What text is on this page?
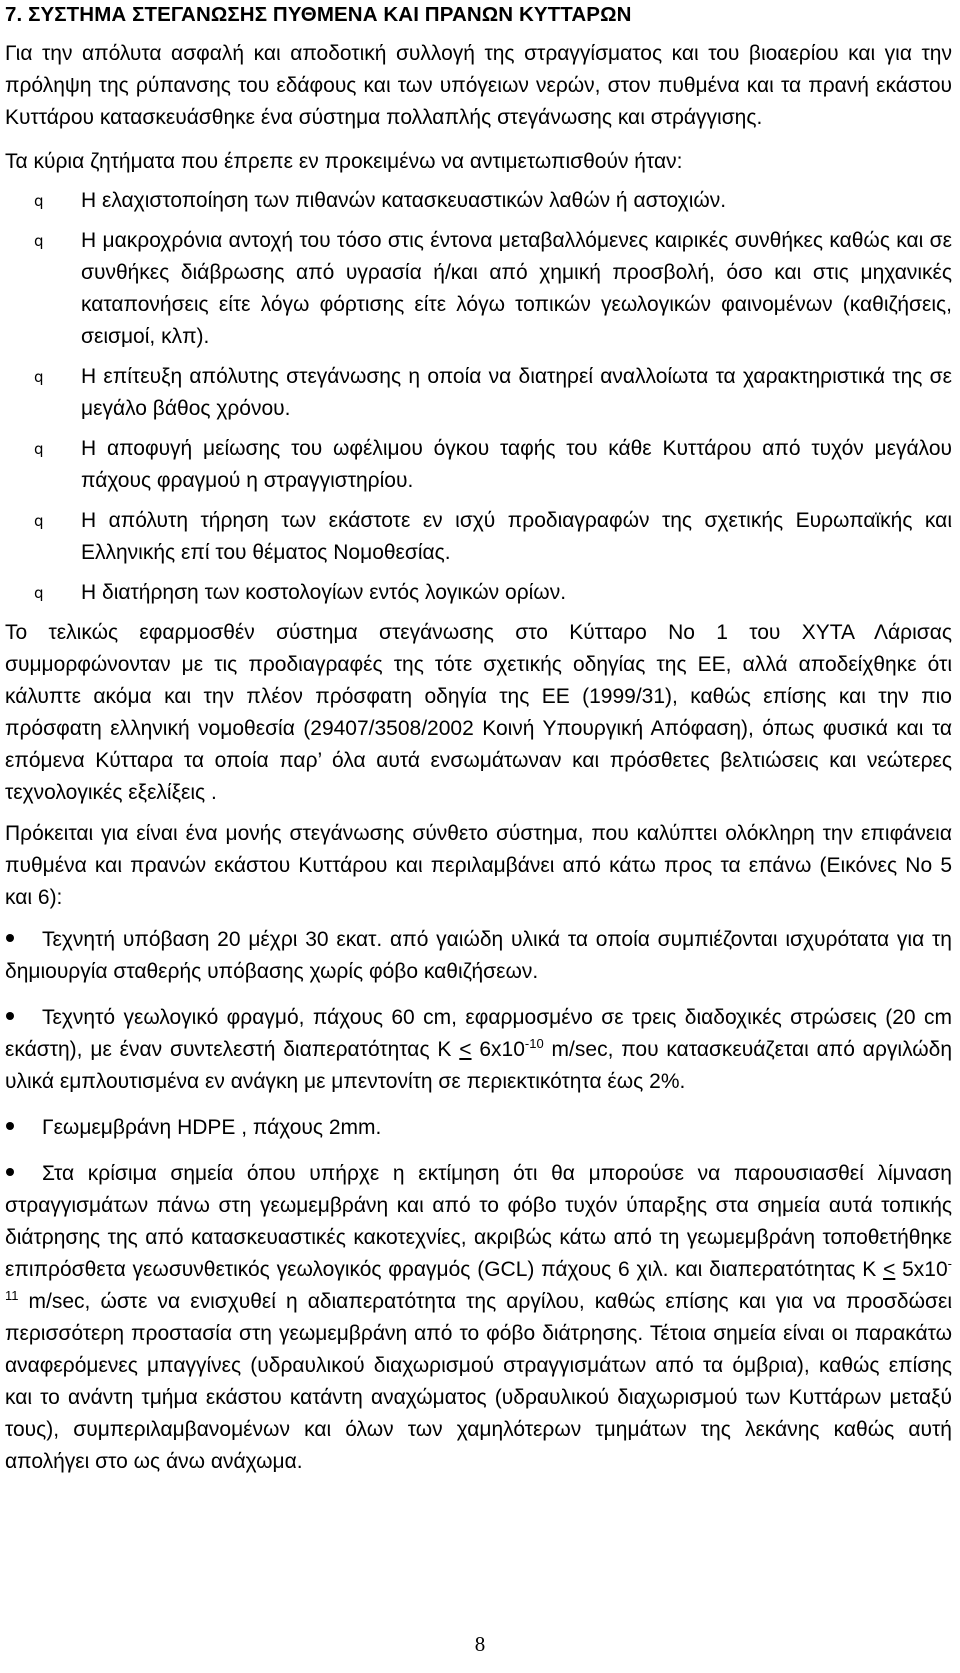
7. ΣΥΣΤΗΜΑ ΣΤΕΓΑΝΩΣΗΣ ΠΥΘΜΕΝΑ ΚΑΙ ΠΡΑΝΩΝ ΚΥΤΤΑΡΩΝ

Για την απόλυτα ασφαλή και αποδοτική συλλογή της στραγγίσματος και του βιοαερίου και για την πρόληψη της ρύπανσης του εδάφους και των υπόγειων νερών, στον πυθμένα και τα πρανή εκάστου Κυττάρου κατασκευάσθηκε ένα σύστημα πολλαπλής στεγάνωσης και στράγγισης.

Τα κύρια ζητήματα που έπρεπε εν προκειμένω να αντιμετωπισθούν ήταν:

q Η ελαχιστοποίηση των πιθανών κατασκευαστικών λαθών ή αστοχιών.
q Η μακροχρόνια αντοχή του τόσο στις έντονα μεταβαλλόμενες καιρικές συνθήκες καθώς και σε συνθήκες διάβρωσης από υγρασία ή/και από χημική προσβολή, όσο και στις μηχανικές καταπονήσεις είτε λόγω φόρτισης είτε λόγω τοπικών γεωλογικών φαινομένων (καθιζήσεις, σεισμοί, κλπ).
q Η επίτευξη απόλυτης στεγάνωσης η οποία να διατηρεί αναλλοίωτα τα χαρακτηριστικά της σε μεγάλο βάθος χρόνου.
q Η αποφυγή μείωσης του ωφέλιμου όγκου ταφής του κάθε Κυττάρου από τυχόν μεγάλου πάχους φραγμού η στραγγιστηρίου.
q Η απόλυτη τήρηση των εκάστοτε εν ισχύ προδιαγραφών της σχετικής Ευρωπαϊκής και Ελληνικής επί του θέματος Νομοθεσίας.
q Η διατήρηση των κοστολογίων εντός λογικών ορίων.

Το τελικώς εφαρμοσθέν σύστημα στεγάνωσης στο Κύτταρο Νο 1 του ΧΥΤΑ Λάρισας συμμορφώνονταν με τις προδιαγραφές της τότε σχετικής οδηγίας της ΕΕ, αλλά αποδείχθηκε ότι κάλυπτε ακόμα και την πλέον πρόσφατη οδηγία της ΕΕ (1999/31), καθώς επίσης και την πιο πρόσφατη ελληνική νομοθεσία (29407/3508/2002 Κοινή Υπουργική Απόφαση), όπως φυσικά και τα επόμενα Κύτταρα τα οποία παρ’ όλα αυτά ενσωμάτωναν και πρόσθετες βελτιώσεις και νεώτερες τεχνολογικές εξελίξεις .

Πρόκειται για είναι ένα μονής στεγάνωσης σύνθετο σύστημα, που καλύπτει ολόκληρη την επιφάνεια πυθμένα και πρανών εκάστου Κυττάρου και περιλαμβάνει από κάτω προς τα επάνω (Εικόνες Νο 5 και 6):

Τεχνητή υπόβαση 20 μέχρι 30 εκατ. από γαιώδη υλικά τα οποία συμπιέζονται ισχυρότατα για τη δημιουργία σταθερής υπόβασης χωρίς φόβο καθιζήσεων.

Τεχνητό γεωλογικό φραγμό, πάχους 60 cm, εφαρμοσμένο σε τρεις διαδοχικές στρώσεις (20 cm εκάστη), με έναν συντελεστή διαπερατότητας $K \le 6x10^{-10}$ m/sec, που κατασκευάζεται από αργιλώδη υλικά εμπλουτισμένα εν ανάγκη με μπεντονίτη σε περιεκτικότητα έως 2%.

Γεωμεμβράνη HDPE , πάχους 2mm.

Στα κρίσιμα σημεία όπου υπήρχε η εκτίμηση ότι θα μπορούσε να παρουσιασθεί λίμναση στραγγισμάτων πάνω στη γεωμεμβράνη και από το φόβο τυχόν ύπαρξης στα σημεία αυτά τοπικής διάτρησης της από κατασκευαστικές κακοτεχνίες, ακριβώς κάτω από τη γεωμεμβράνη τοποθετήθηκε επιπρόσθετα γεωσυνθετικός γεωλογικός φραγμός (GCL) πάχους 6 χιλ. και διαπερατότητας $K \le 5x10^{-11}$ m/sec, ώστε να ενισχυθεί η αδιαπερατότητα της αργίλου, καθώς επίσης και για να προσδώσει περισσότερη προστασία στη γεωμεμβράνη από το φόβο διάτρησης. Τέτοια σημεία είναι οι παρακάτω αναφερόμενες μπαγγίνες (υδραυλικού διαχωρισμού στραγγισμάτων από τα όμβρια), καθώς επίσης και το ανάντη τμήμα εκάστου κατάντη αναχώματος (υδραυλικού διαχωρισμού των Κυττάρων μεταξύ τους), συμπεριλαμβανομένων και όλων των χαμηλότερων τμημάτων της λεκάνης καθώς αυτή απολήγει στο ως άνω ανάχωμα.

8
